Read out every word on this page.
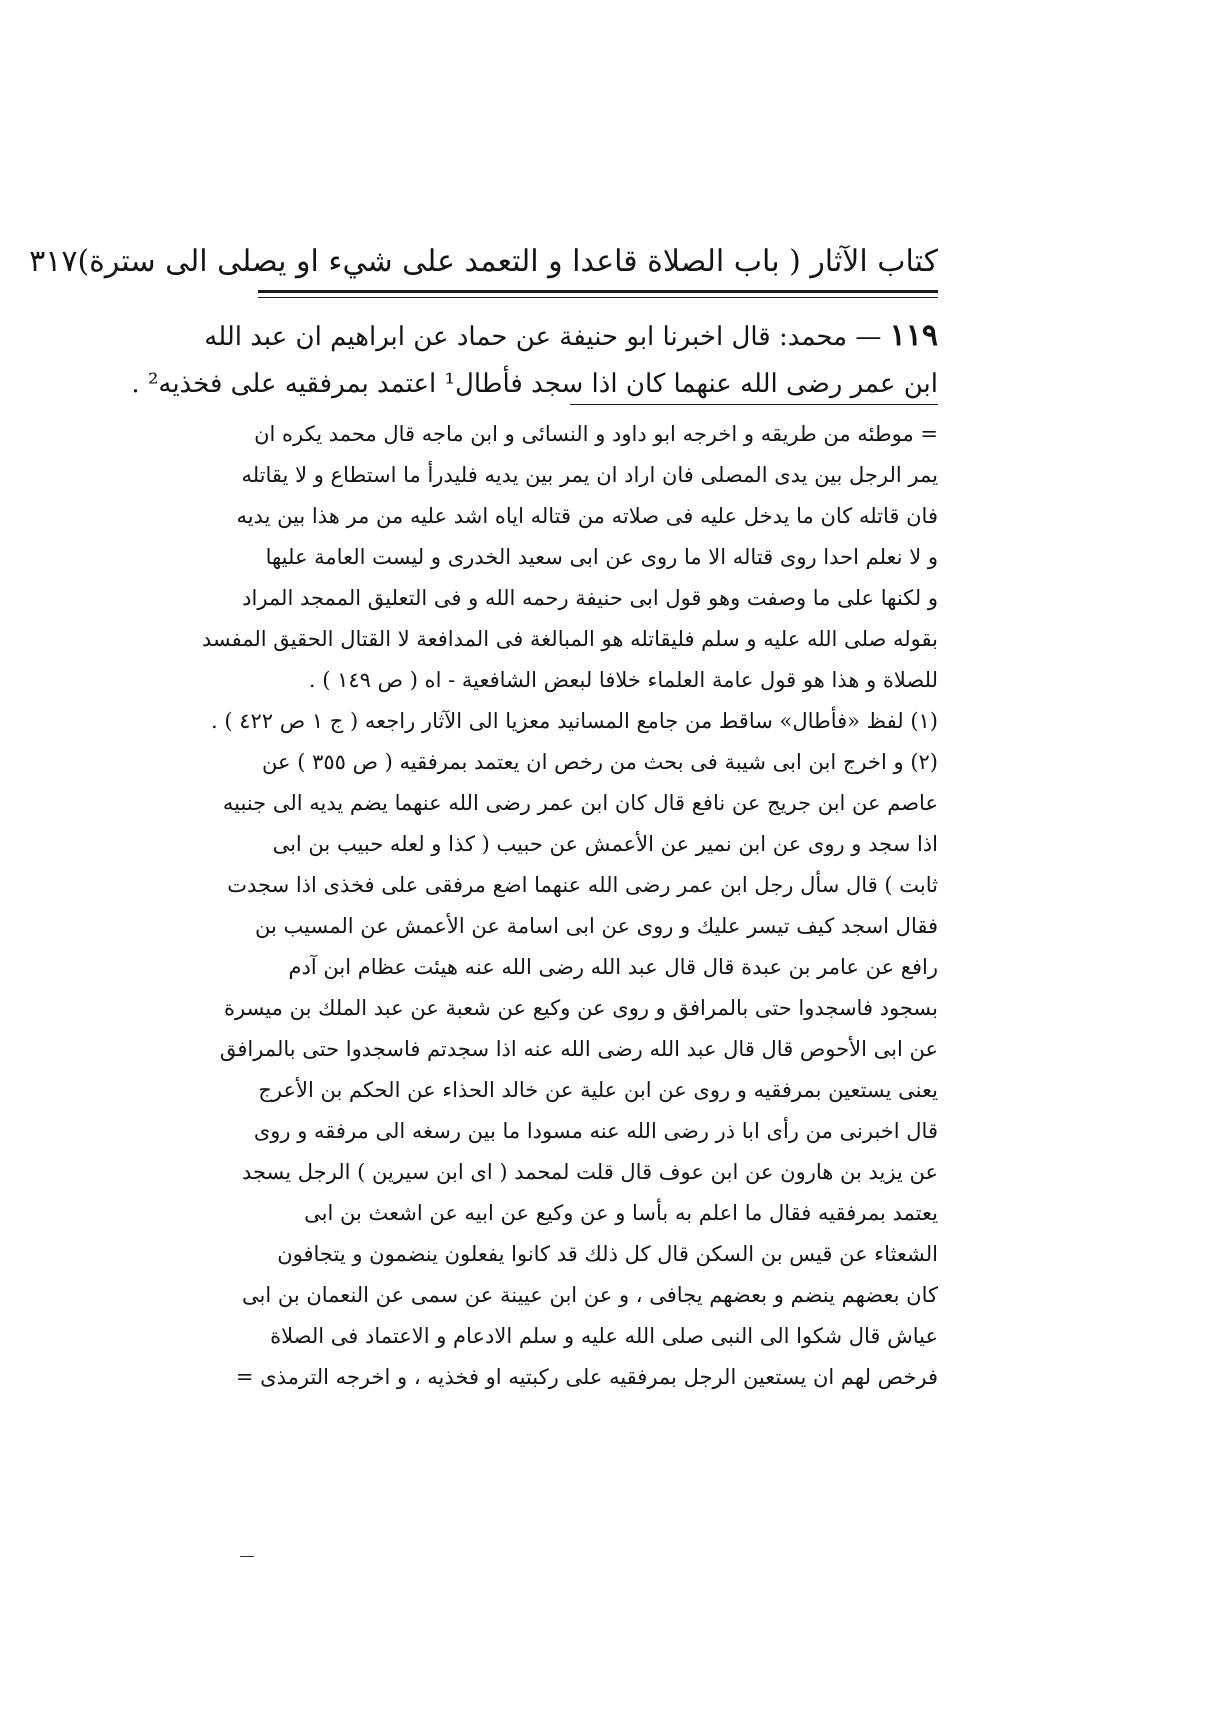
كتاب الآثار ( باب الصلاة قاعدا و التعمد على شيء او يصلى الى سترة)
٣١٧
١١٩ — محمد: قال اخبرنا ابو حنيفة عن حماد عن ابراهيم ان عبد الله
ابن عمر رضى الله عنهما كان اذا سجد فأطال¹ اعتمد بمرفقيه على فخذيه² .
= موطئه من طريقه و اخرجه ابو داود و النسائى و ابن ماجه قال محمد يكره ان
يمر الرجل بين يدى المصلى فان اراد ان يمر بين يديه فليدرأ ما استطاع و لا يقاتله
فان قاتله كان ما يدخل عليه فى صلاته من قتاله اياه اشد عليه من مر هذا بين يديه
و لا نعلم احدا روى قتاله الا ما روى عن ابى سعيد الخدرى و ليست العامة عليها
و لكنها على ما وصفت وهو قول ابى حنيفة رحمه الله و فى التعليق الممجد المراد
بقوله صلى الله عليه و سلم فليقاتله هو المبالغة فى المدافعة لا القتال الحقيق المفسد
للصلاة و هذا هو قول عامة العلماء خلافا لبعض الشافعية - اه ( ص ١٤٩ ) .
(١) لفظ «فأطال» ساقط من جامع المسانيد معزيا الى الآثار راجعه ( ج ١ ص ٤٢٢ ) .
(٢) و اخرج ابن ابى شيبة فى بحث من رخص ان يعتمد بمرفقيه ( ص ٣٥٥ ) عن
عاصم عن ابن جريج عن نافع قال كان ابن عمر رضى الله عنهما يضم يديه الى جنبيه
اذا سجد و روى عن ابن نمير عن الأعمش عن حبيب ( كذا و لعله حبيب بن ابى
ثابت ) قال سأل رجل ابن عمر رضى الله عنهما اضع مرفقى على فخذى اذا سجدت
فقال اسجد كيف تيسر عليك و روى عن ابى اسامة عن الأعمش عن المسيب بن
رافع عن عامر بن عبدة قال قال عبد الله رضى الله عنه هيئت عظام ابن آدم
بسجود فاسجدوا حتى بالمرافق و روى عن وكيع عن شعبة عن عبد الملك بن ميسرة
عن ابى الأحوص قال قال عبد الله رضى الله عنه اذا سجدتم فاسجدوا حتى بالمرافق
يعنى يستعين بمرفقيه و روى عن ابن علية عن خالد الحذاء عن الحكم بن الأعرج
قال اخبرنى من رأى ابا ذر رضى الله عنه مسودا ما بين رسغه الى مرفقه و روى
عن يزيد بن هارون عن ابن عوف قال قلت لمحمد ( اى ابن سيرين ) الرجل يسجد
يعتمد بمرفقيه فقال ما اعلم به بأسا و عن وكيع عن ابيه عن اشعث بن ابى
الشعثاء عن قيس بن السكن قال كل ذلك قد كانوا يفعلون ينضمون و يتجافون
كان بعضهم ينضم و بعضهم يجافى ، و عن ابن عيينة عن سمى عن النعمان بن ابى
عياش قال شكوا الى النبى صلى الله عليه و سلم الادعام و الاعتماد فى الصلاة
فرخص لهم ان يستعين الرجل بمرفقيه على ركبتيه او فخذيه ، و اخرجه الترمذى =
